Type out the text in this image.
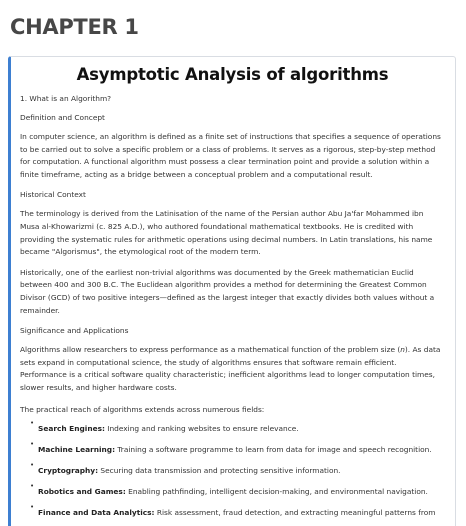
CHAPTER 1
Asymptotic Analysis of algorithms
1. What is an Algorithm?
Definition and Concept

In computer science, an algorithm is defined as a finite set of instructions that specifies a sequence of operations to be carried out to solve a specific problem or a class of problems. It serves as a rigorous, step-by-step method for computation. A functional algorithm must possess a clear termination point and provide a solution within a finite timeframe, acting as a bridge between a conceptual problem and a computational result.

Historical Context

The terminology is derived from the Latinisation of the name of the Persian author Abu Ja'far Mohammed ibn Musa al-Khowarizmi (c. 825 A.D.), who authored foundational mathematical textbooks. He is credited with providing the systematic rules for arithmetic operations using decimal numbers. In Latin translations, his name became "Algorismus", the etymological root of the modern term.

Historically, one of the earliest non-trivial algorithms was documented by the Greek mathematician Euclid between 400 and 300 B.C. The Euclidean algorithm provides a method for determining the Greatest Common Divisor (GCD) of two positive integers—defined as the largest integer that exactly divides both values without a remainder.

Significance and Applications

Algorithms allow researchers to express performance as a mathematical function of the problem size (n). As data sets expand in computational science, the study of algorithms ensures that software remain efficient. Performance is a critical software quality characteristic; inefficient algorithms lead to longer computation times, slower results, and higher hardware costs.

The practical reach of algorithms extends across numerous fields:

•
Search Engines: Indexing and ranking websites to ensure relevance.
•
Machine Learning: Training a software programme to learn from data for image and speech recognition.
•
Cryptography: Securing data transmission and protecting sensitive information.
•
Robotics and Games: Enabling pathfinding, intelligent decision-making, and environmental navigation.
•
Finance and Data Analytics: Risk assessment, fraud detection, and extracting meaningful patterns from
